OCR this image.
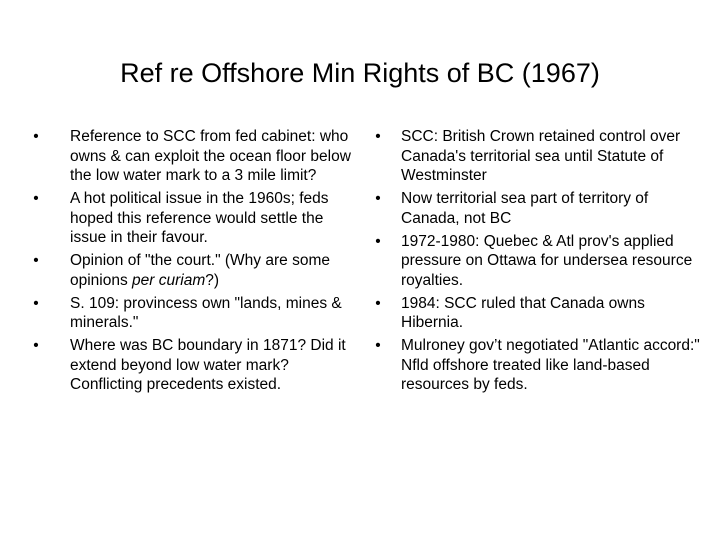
Ref re Offshore Min Rights of BC (1967)
• Reference to SCC from fed cabinet: who owns & can exploit the ocean floor below the low water mark to a 3 mile limit?
• A hot political issue in the 1960s; feds hoped this reference would settle the issue in their favour.
• Opinion of "the court." (Why are some opinions per curiam?)
• S. 109: provincess own "lands, mines & minerals."
• Where was BC boundary in 1871? Did it extend beyond low water mark? Conflicting precedents existed.
• SCC: British Crown retained control over Canada's territorial sea until Statute of Westminster
• Now territorial sea part of territory of Canada, not BC
• 1972‑1980: Quebec & Atl prov's applied pressure on Ottawa for undersea resource royalties.
• 1984: SCC ruled that Canada owns Hibernia.
• Mulroney gov’t negotiated "Atlantic accord:" Nfld offshore treated like land‑based resources by feds.
